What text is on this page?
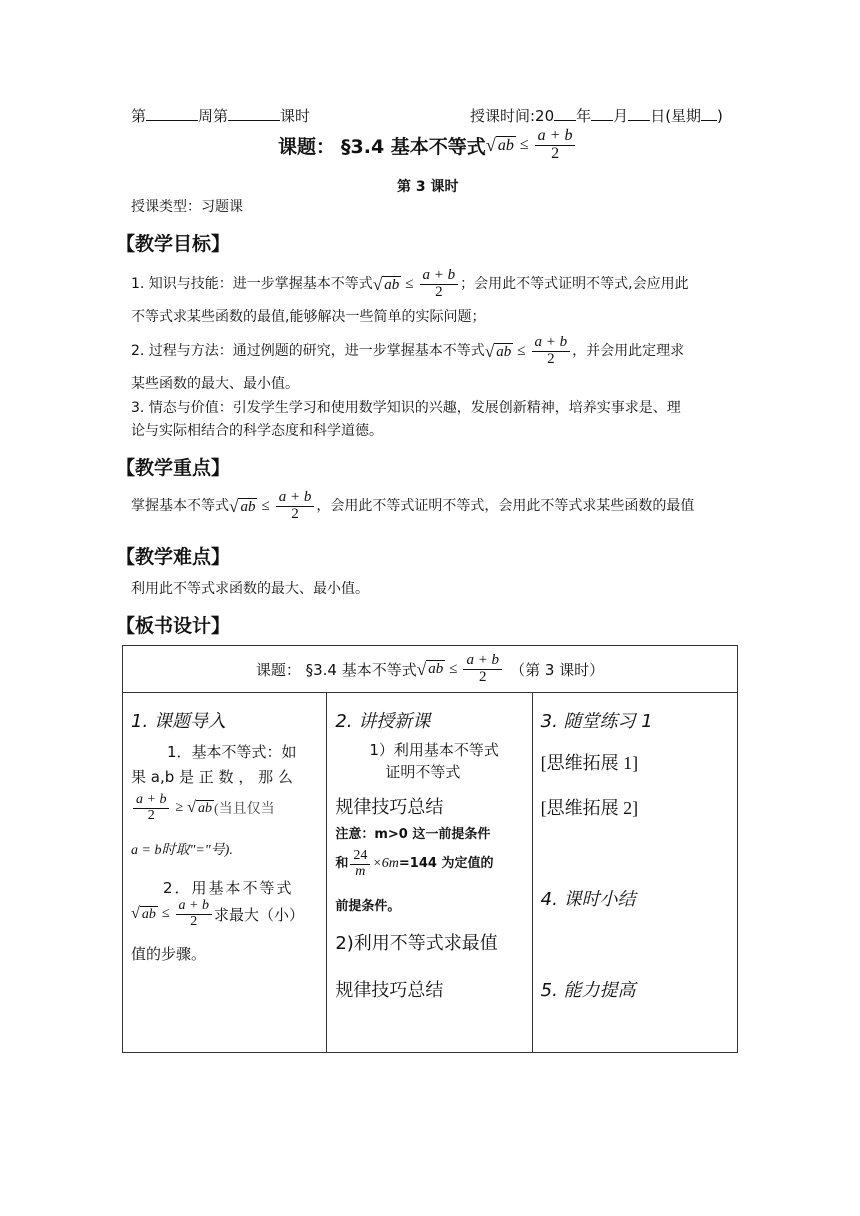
第	周第	课时	授课时间:20 年 月 日(星期 )
课题： §3.4 基本不等式 √ ab ≤ $\frac{a + b}{2}$
第 3 课时
授课类型：习题课
【教学目标】
1. 知识与技能：进一步掌握基本不等式 √ ab ≤ $\frac{a + b}{2}$ ；会用此不等式证明不等式,会应用此
不等式求某些函数的最值,能够解决一些简单的实际问题；
2. 过程与方法：通过例题的研究，进一步掌握基本不等式 √ ab ≤ $\frac{a + b}{2}$ ，并会用此定理求
某些函数的最大、最小值。
3. 情态与价值：引发学生学习和使用数学知识的兴趣，发展创新精神，培养实事求是、理
论与实际相结合的科学态度和科学道德。
【教学重点】
掌握基本不等式 √ ab ≤ $\frac{a + b}{2}$ ，会用此不等式证明不等式，会用此不等式求某些函数的最值
【教学难点】
利用此不等式求函数的最大、最小值。
【板书设计】
课题： §3.4 基本不等式 √ ab ≤ $\frac{a + b}{2}$ （第 3 课时）

1. 课题导入
1．基本不等式：如
果 a,b 是 正 数 ， 那 么
$\frac{a + b}{2}$ ≥ √ ab (当且仅当
a = b时取"="号).
2．用基本不等式
√ ab ≤ $\frac{a + b}{2}$ 求最大（小）
值的步骤。

2. 讲授新课
1）利用基本不等式
证明不等式
规律技巧总结
注意：m>0 这一前提条件
和 $\frac{24}{m} \times 6m =144$ 为定值的
前提条件。
2)利用不等式求最值
规律技巧总结

3. 随堂练习 1
[思维拓展 1]
[思维拓展 2]
4. 课时小结
5. 能力提高
